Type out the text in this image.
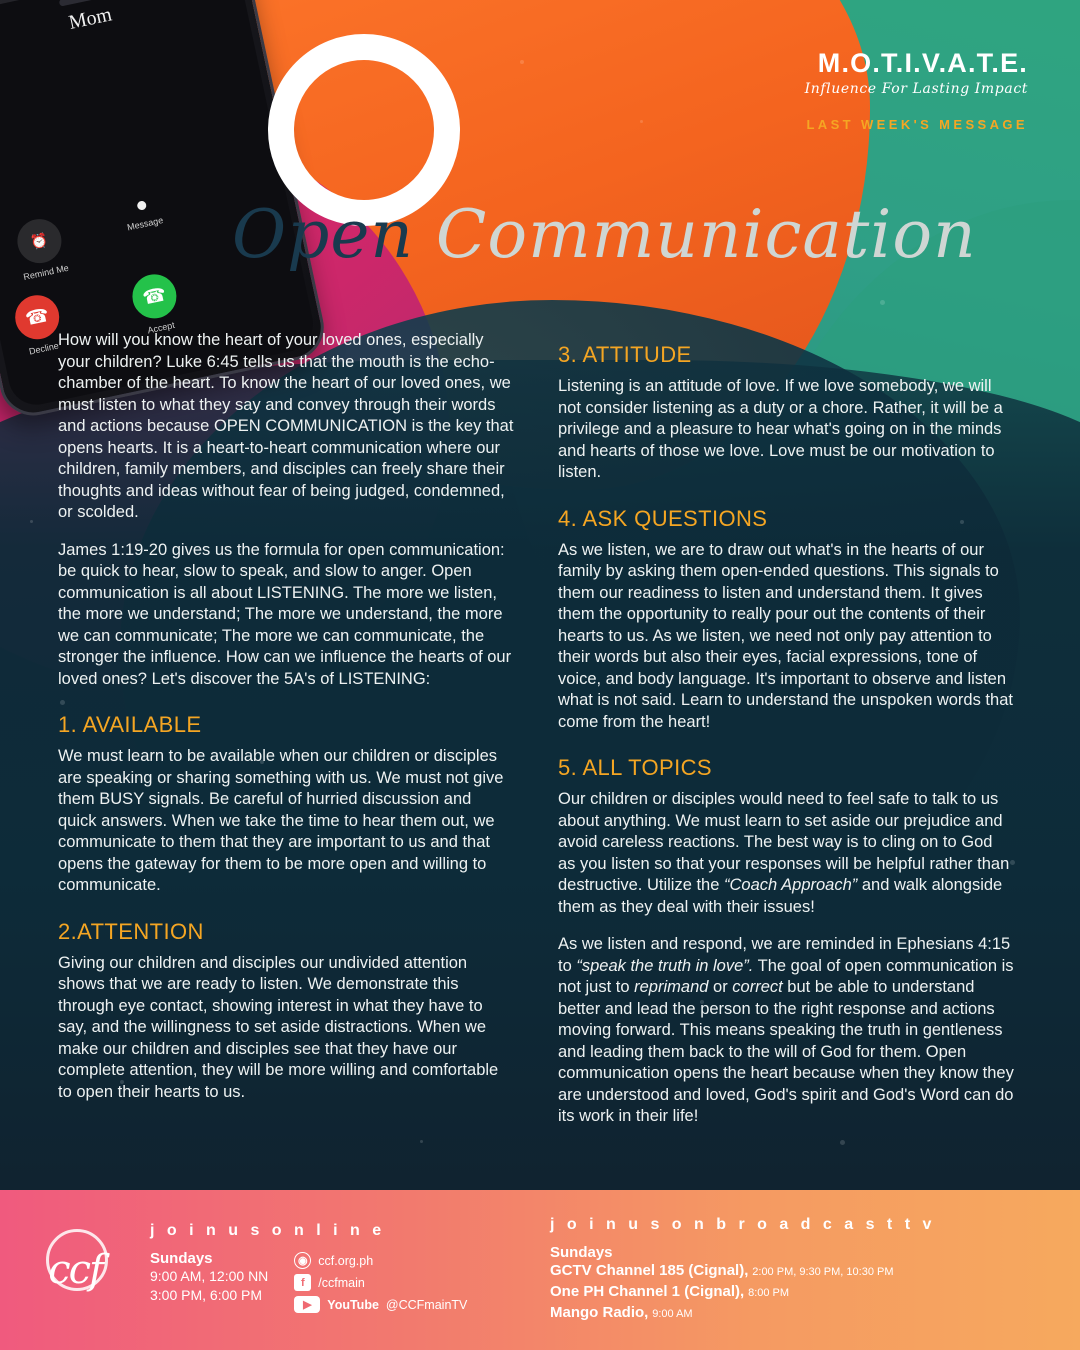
Mom
⏰
Remind Me
☎
Decline
Message
☎
Accept
M.O.T.I.V.A.T.E.
Influence For Lasting Impact
LAST WEEK'S MESSAGE
Open Communication

How will you know the heart of your loved ones, especially your children? Luke 6:45 tells us that the mouth is the echo-chamber of the heart. To know the heart of our loved ones, we must listen to what they say and convey through their words and actions because OPEN COMMUNICATION is the key that opens hearts. It is a heart-to-heart communication where our children, family members, and disciples can freely share their thoughts and ideas without fear of being judged, condemned, or scolded.

James 1:19-20 gives us the formula for open communication: be quick to hear, slow to speak, and slow to anger. Open communication is all about LISTENING. The more we listen, the more we understand; The more we understand, the more we can communicate; The more we can communicate, the stronger the influence. How can we influence the hearts of our loved ones? Let's discover the 5A's of LISTENING:

1. AVAILABLE

We must learn to be available when our children or disciples are speaking or sharing something with us. We must not give them BUSY signals. Be careful of hurried discussion and quick answers. When we take the time to hear them out, we communicate to them that they are important to us and that opens the gateway for them to be more open and willing to communicate.

2.ATTENTION

Giving our children and disciples our undivided attention shows that we are ready to listen. We demonstrate this through eye contact, showing interest in what they have to say, and the willingness to set aside distractions. When we make our children and disciples see that they have our complete attention, they will be more willing and comfortable to open their hearts to us.

3. ATTITUDE

Listening is an attitude of love. If we love somebody, we will not consider listening as a duty or a chore. Rather, it will be a privilege and a pleasure to hear what's going on in the minds and hearts of those we love. Love must be our motivation to listen.

4. ASK QUESTIONS

As we listen, we are to draw out what's in the hearts of our family by asking them open-ended questions. This signals to them our readiness to listen and understand them. It gives them the opportunity to really pour out the contents of their hearts to us. As we listen, we need not only pay attention to their words but also their eyes, facial expressions, tone of voice, and body language. It's important to observe and listen what is not said. Learn to understand the unspoken words that come from the heart!

5. ALL TOPICS

Our children or disciples would need to feel safe to talk to us about anything. We must learn to set aside our prejudice and avoid careless reactions. The best way is to cling on to God as you listen so that your responses will be helpful rather than destructive. Utilize the “Coach Approach” and walk alongside them as they deal with their issues!

As we listen and respond, we are reminded in Ephesians 4:15 to “speak the truth in love”. The goal of open communication is not just to reprimand or correct but be able to understand better and lead the person to the right response and actions moving forward. This means speaking the truth in gentleness and leading them back to the will of God for them. Open communication opens the heart because when they know they are understood and loved, God's spirit and God's Word can do its work in their life!

ccf
j o i n u s o n l i n e
Sundays
9:00 AM, 12:00 NN
3:00 PM, 6:00 PM
◉ ccf.org.ph
f	/ccfmain
▶	YouTube @CCFmainTV
j o i n u s o n b r o a d c a s t t v
Sundays
GCTV Channel 185 (Cignal), 2:00 PM, 9:30 PM, 10:30 PM
One PH Channel 1 (Cignal), 8:00 PM
Mango Radio, 9:00 AM
